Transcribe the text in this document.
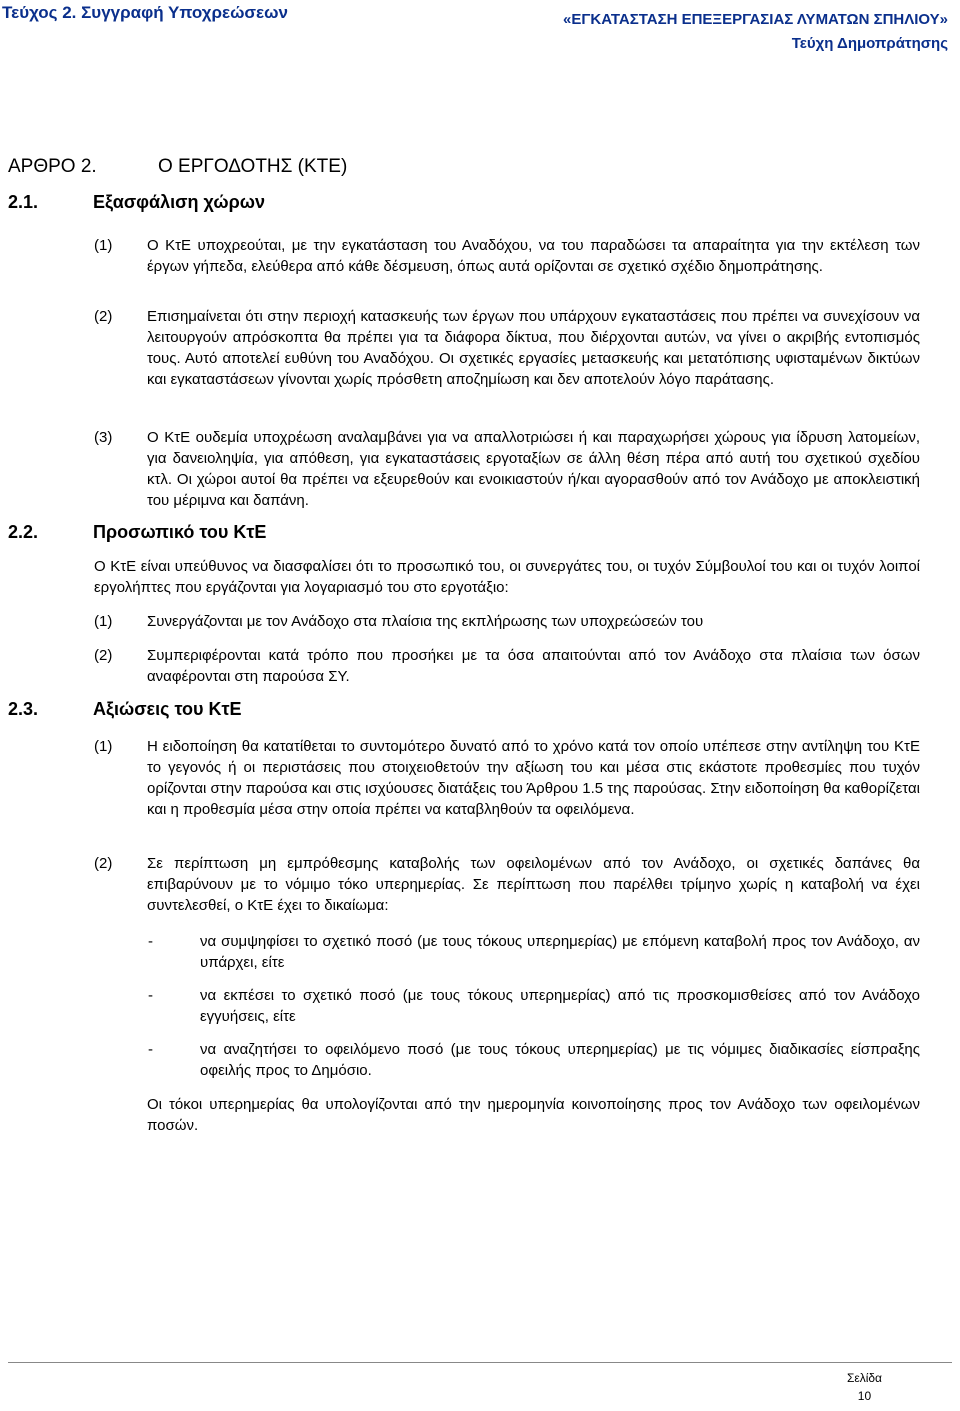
Τεύχος 2. Συγγραφή Υποχρεώσεων	«ΕΓΚΑΤΑΣΤΑΣΗ ΕΠΕΞΕΡΓΑΣΙΑΣ ΛΥΜΑΤΩΝ ΣΠΗΛΙΟΥ»
Τεύχη Δημοπράτησης
ΑΡΘΡΟ 2.	Ο ΕΡΓΟΔΟΤΗΣ (ΚΤΕ)
2.1.	Εξασφάλιση χώρων
(1) Ο ΚτΕ υποχρεούται, με την εγκατάσταση του Αναδόχου, να του παραδώσει τα απαραίτητα για την εκτέλεση των έργων γήπεδα, ελεύθερα από κάθε δέσμευση, όπως αυτά ορίζονται σε σχετικό σχέδιο δημοπράτησης.
(2) Επισημαίνεται ότι στην περιοχή κατασκευής των έργων που υπάρχουν εγκαταστάσεις που πρέπει να συνεχίσουν να λειτουργούν απρόσκοπτα θα πρέπει για τα διάφορα δίκτυα, που διέρχονται αυτών, να γίνει ο ακριβής εντοπισμός τους. Αυτό αποτελεί ευθύνη του Αναδόχου. Οι σχετικές εργασίες μετασκευής και μετατόπισης υφισταμένων δικτύων και εγκαταστάσεων γίνονται χωρίς πρόσθετη αποζημίωση και δεν αποτελούν λόγο παράτασης.
(3) Ο ΚτΕ ουδεμία υποχρέωση αναλαμβάνει για να απαλλοτριώσει ή και παραχωρήσει χώρους για ίδρυση λατομείων, για δανειοληψία, για απόθεση, για εγκαταστάσεις εργοταξίων σε άλλη θέση πέρα από αυτή του σχετικού σχεδίου κτλ. Οι χώροι αυτοί θα πρέπει να εξευρεθούν και ενοικιαστούν ή/και αγορασθούν από τον Ανάδοχο με αποκλειστική του μέριμνα και δαπάνη.
2.2.	Προσωπικό του ΚτΕ
Ο ΚτΕ είναι υπεύθυνος να διασφαλίσει ότι το προσωπικό του, οι συνεργάτες του, οι τυχόν Σύμβουλοί του και οι τυχόν λοιποί εργολήπτες που εργάζονται για λογαριασμό του στο εργοτάξιο:
(1) Συνεργάζονται με τον Ανάδοχο στα πλαίσια της εκπλήρωσης των υποχρεώσεών του
(2) Συμπεριφέρονται κατά τρόπο που προσήκει με τα όσα απαιτούνται από τον Ανάδοχο στα πλαίσια των όσων αναφέρονται στη παρούσα ΣΥ.
2.3.	Αξιώσεις του ΚτΕ
(1) Η ειδοποίηση θα κατατίθεται το συντομότερο δυνατό από το χρόνο κατά τον οποίο υπέπεσε στην αντίληψη του ΚτΕ το γεγονός ή οι περιστάσεις που στοιχειοθετούν την αξίωση του και μέσα στις εκάστοτε προθεσμίες που τυχόν ορίζονται στην παρούσα και στις ισχύουσες διατάξεις του Άρθρου 1.5 της παρούσας. Στην ειδοποίηση θα καθορίζεται και η προθεσμία μέσα στην οποία πρέπει να καταβληθούν τα οφειλόμενα.
(2) Σε περίπτωση μη εμπρόθεσμης καταβολής των οφειλομένων από τον Ανάδοχο, οι σχετικές δαπάνες θα επιβαρύνουν με το νόμιμο τόκο υπερημερίας. Σε περίπτωση που παρέλθει τρίμηνο χωρίς η καταβολή να έχει συντελεσθεί, ο ΚτΕ έχει το δικαίωμα:
-	να συμψηφίσει το σχετικό ποσό (με τους τόκους υπερημερίας) με επόμενη καταβολή προς τον Ανάδοχο, αν υπάρχει, είτε
-	να εκπέσει το σχετικό ποσό (με τους τόκους υπερημερίας) από τις προσκομισθείσες από τον Ανάδοχο εγγυήσεις, είτε
-	να αναζητήσει το οφειλόμενο ποσό (με τους τόκους υπερημερίας) με τις νόμιμες διαδικασίες είσπραξης οφειλής προς το Δημόσιο.
Οι τόκοι υπερημερίας θα υπολογίζονται από την ημερομηνία κοινοποίησης προς τον Ανάδοχο των οφειλομένων ποσών.
Σελίδα
10
